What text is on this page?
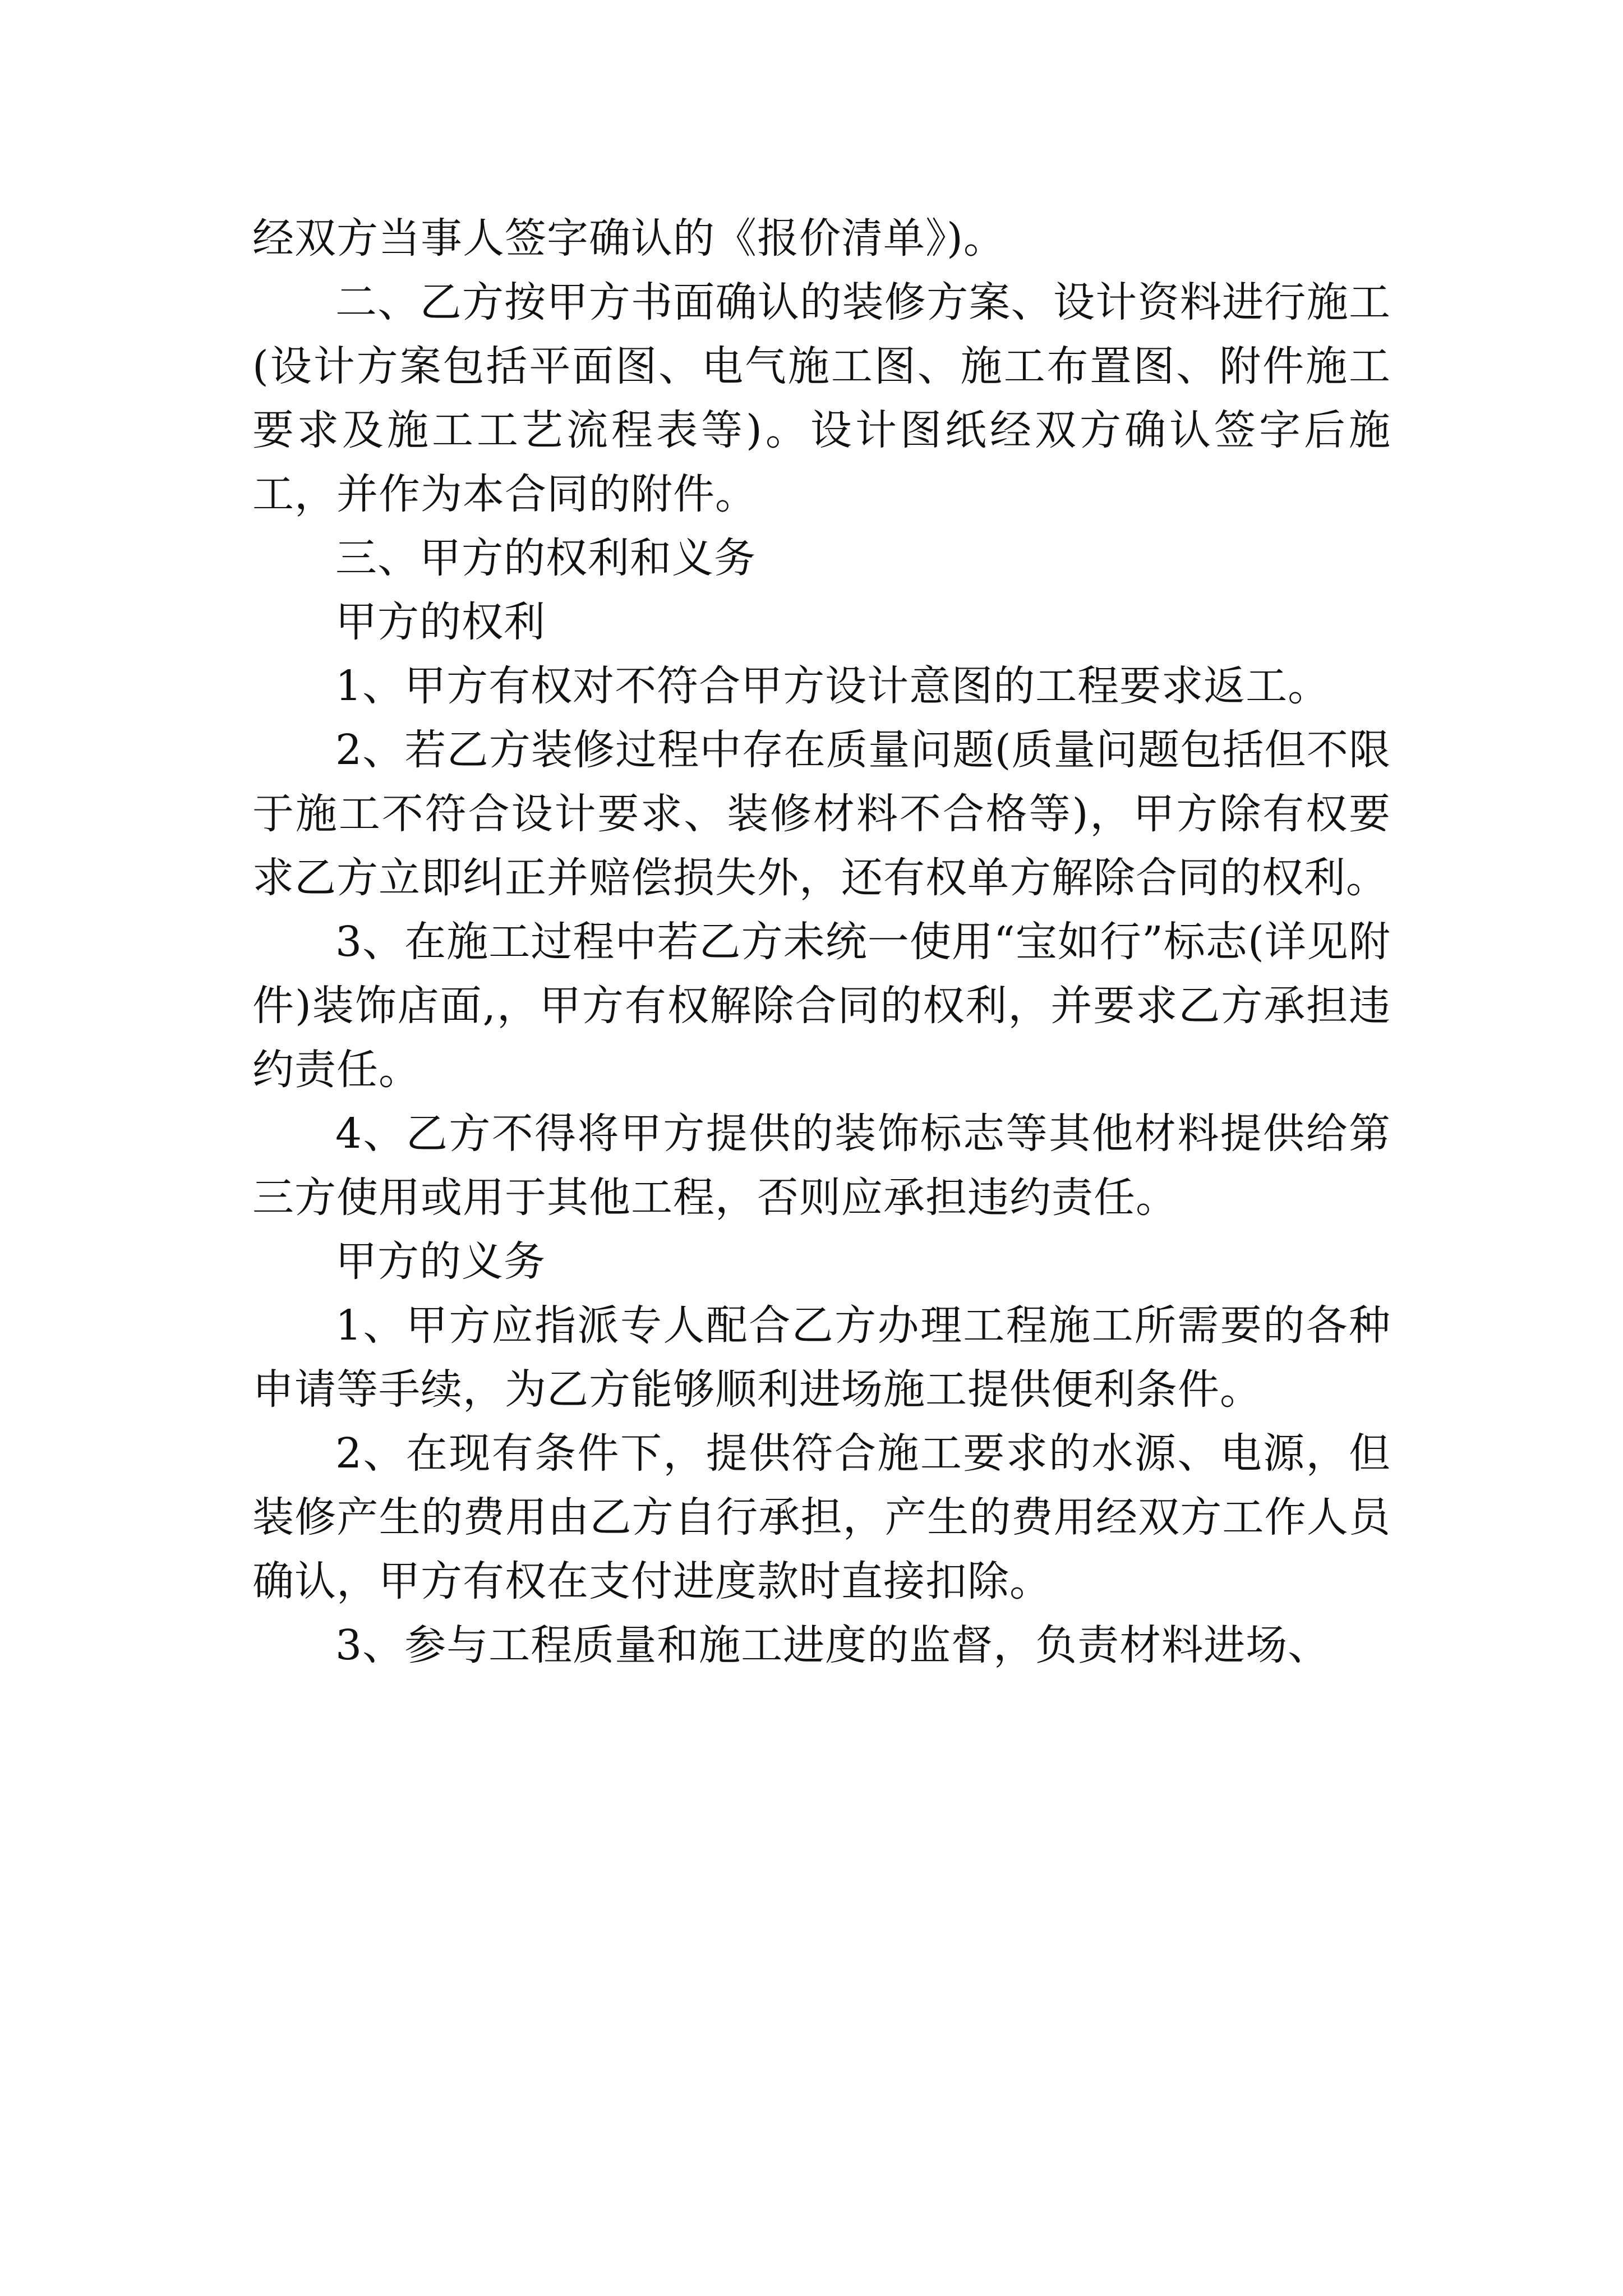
经双方当事人签字确认的《报价清单》)。

二、乙方按甲方书面确认的装修方案、设计资料进行施工(设计方案包括平面图、电气施工图、施工布置图、附件施工要求及施工工艺流程表等)。设计图纸经双方确认签字后施工，并作为本合同的附件。

三、甲方的权利和义务

甲方的权利

1、甲方有权对不符合甲方设计意图的工程要求返工。

2、若乙方装修过程中存在质量问题(质量问题包括但不限于施工不符合设计要求、装修材料不合格等)，甲方除有权要求乙方立即纠正并赔偿损失外，还有权单方解除合同的权利。

3、在施工过程中若乙方未统一使用“宝如行”标志(详见附件)装饰店面,，甲方有权解除合同的权利，并要求乙方承担违约责任。

4、乙方不得将甲方提供的装饰标志等其他材料提供给第三方使用或用于其他工程，否则应承担违约责任。

甲方的义务

1、甲方应指派专人配合乙方办理工程施工所需要的各种申请等手续，为乙方能够顺利进场施工提供便利条件。

2、在现有条件下，提供符合施工要求的水源、电源，但装修产生的费用由乙方自行承担，产生的费用经双方工作人员确认，甲方有权在支付进度款时直接扣除。

3、参与工程质量和施工进度的监督，负责材料进场、
